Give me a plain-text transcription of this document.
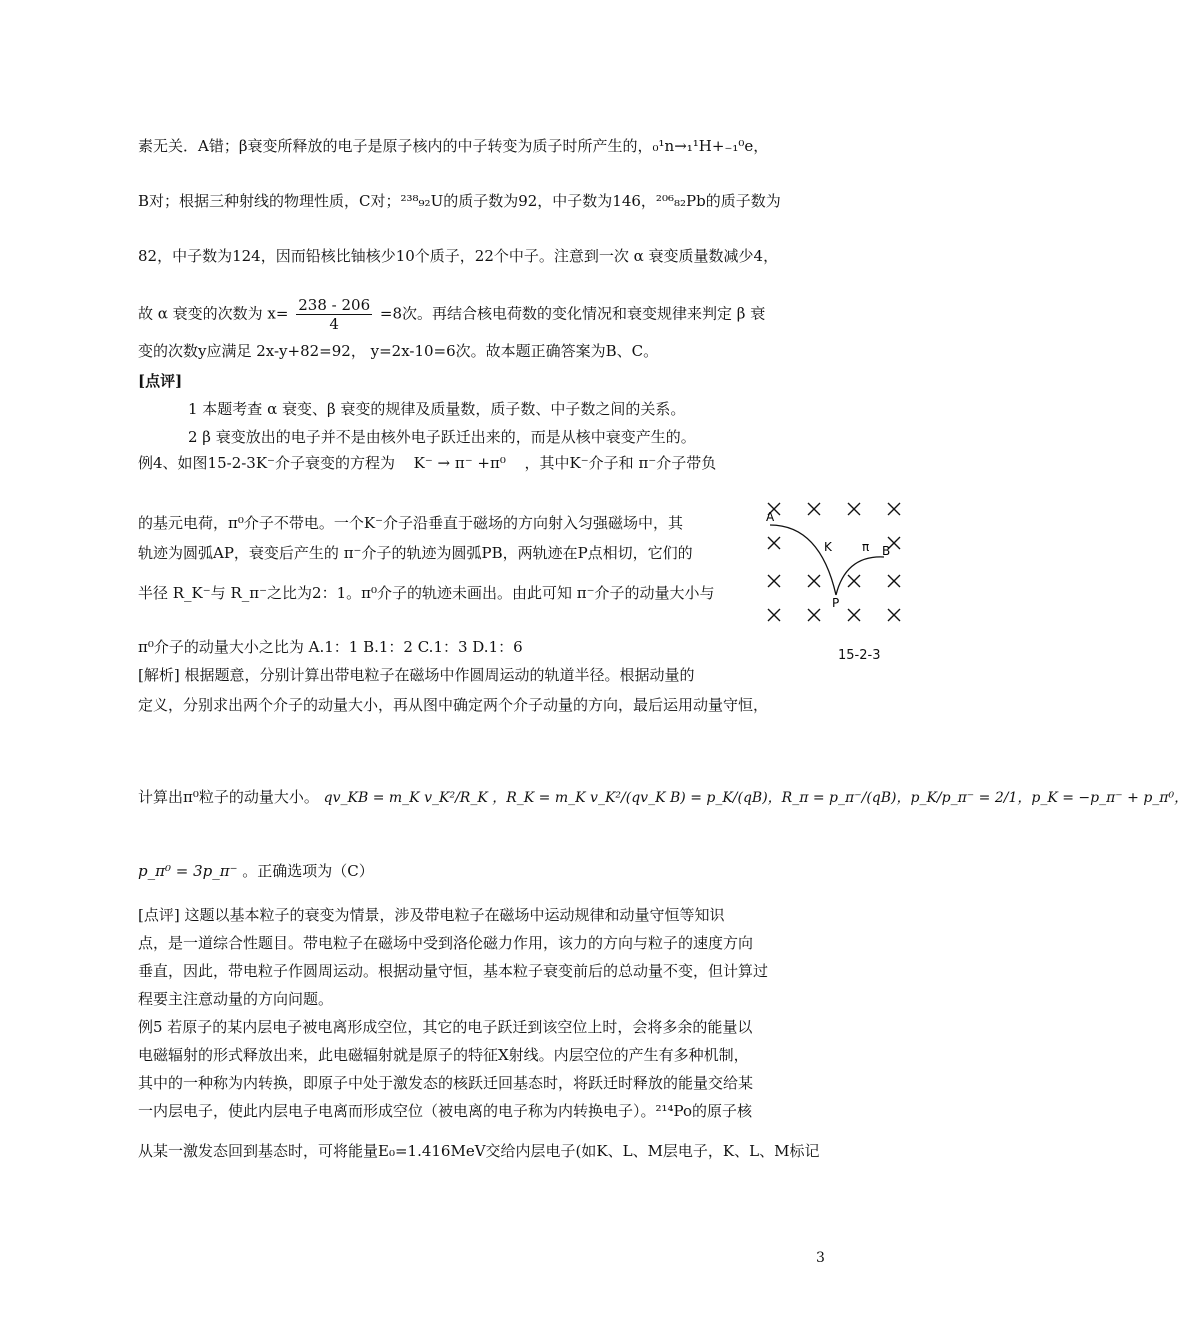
素无关．A错；β衰变所释放的电子是原子核内的中子转变为质子时所产生的，₀¹n→₁¹H+₋₁⁰e，
B对；根据三种射线的物理性质，C对；²³⁸₉₂U的质子数为92，中子数为146，²⁰⁶₈₂Pb的质子数为
82，中子数为124，因而铅核比铀核少10个质子，22个中子。注意到一次 α 衰变质量数减少4，
故 α 衰变的次数为 $x= \frac{238 - 206}{4} =8$次。再结合核电荷数的变化情况和衰变规律来判定 β 衰
变的次数y应满足 2x-y+82=92， y=2x-10=6次。故本题正确答案为B、C。
[点评]
1 本题考查 α 衰变、β 衰变的规律及质量数，质子数、中子数之间的关系。
2 β 衰变放出的电子并不是由核外电子跃迁出来的，而是从核中衰变产生的。
例4、如图15-2-3K⁻介子衰变的方程为 K⁻ → π⁻ +π⁰ ，其中K⁻介子和 π⁻介子带负
的基元电荷，π⁰介子不带电。一个K⁻介子沿垂直于磁场的方向射入匀强磁场中，其
轨迹为圆弧AP，衰变后产生的 π⁻介子的轨迹为圆弧PB，两轨迹在P点相切，它们的
半径 R_K⁻与 R_π⁻之比为2：1。π⁰介子的轨迹未画出。由此可知 π⁻介子的动量大小与
π⁰介子的动量大小之比为 A.1：1 B.1：2 C.1：3 D.1：6
[解析] 根据题意，分别计算出带电粒子在磁场中作圆周运动的轨道半径。根据动量的
定义，分别求出两个介子的动量大小，再从图中确定两个介子动量的方向，最后运用动量守恒，
计算出π⁰粒子的动量大小。 qv_KB = m_K v_K²/R_K ，R_K = m_K v_K²/(qv_K B) = p_K/(qB)，R_π = p_π⁻/(qB)，p_K/p_π⁻ = 2/1，p_K = −p_π⁻ + p_π⁰，
p_π⁰ = 3p_π⁻ 。正确选项为（C）
[点评] 这题以基本粒子的衰变为情景，涉及带电粒子在磁场中运动规律和动量守恒等知识
点，是一道综合性题目。带电粒子在磁场中受到洛伦磁力作用，该力的方向与粒子的速度方向
垂直，因此，带电粒子作圆周运动。根据动量守恒，基本粒子衰变前后的总动量不变，但计算过
程要主注意动量的方向问题。
例5 若原子的某内层电子被电离形成空位，其它的电子跃迁到该空位上时，会将多余的能量以
电磁辐射的形式释放出来，此电磁辐射就是原子的特征X射线。内层空位的产生有多种机制，
其中的一种称为内转换，即原子中处于激发态的核跃迁回基态时，将跃迁时释放的能量交给某
一内层电子，使此内层电子电离而形成空位（被电离的电子称为内转换电子）。²¹⁴Po的原子核
从某一激发态回到基态时，可将能量E₀=1.416MeV交给内层电子(如K、L、M层电子，K、L、M标记
A
K	π B
P
15-2-3
3
